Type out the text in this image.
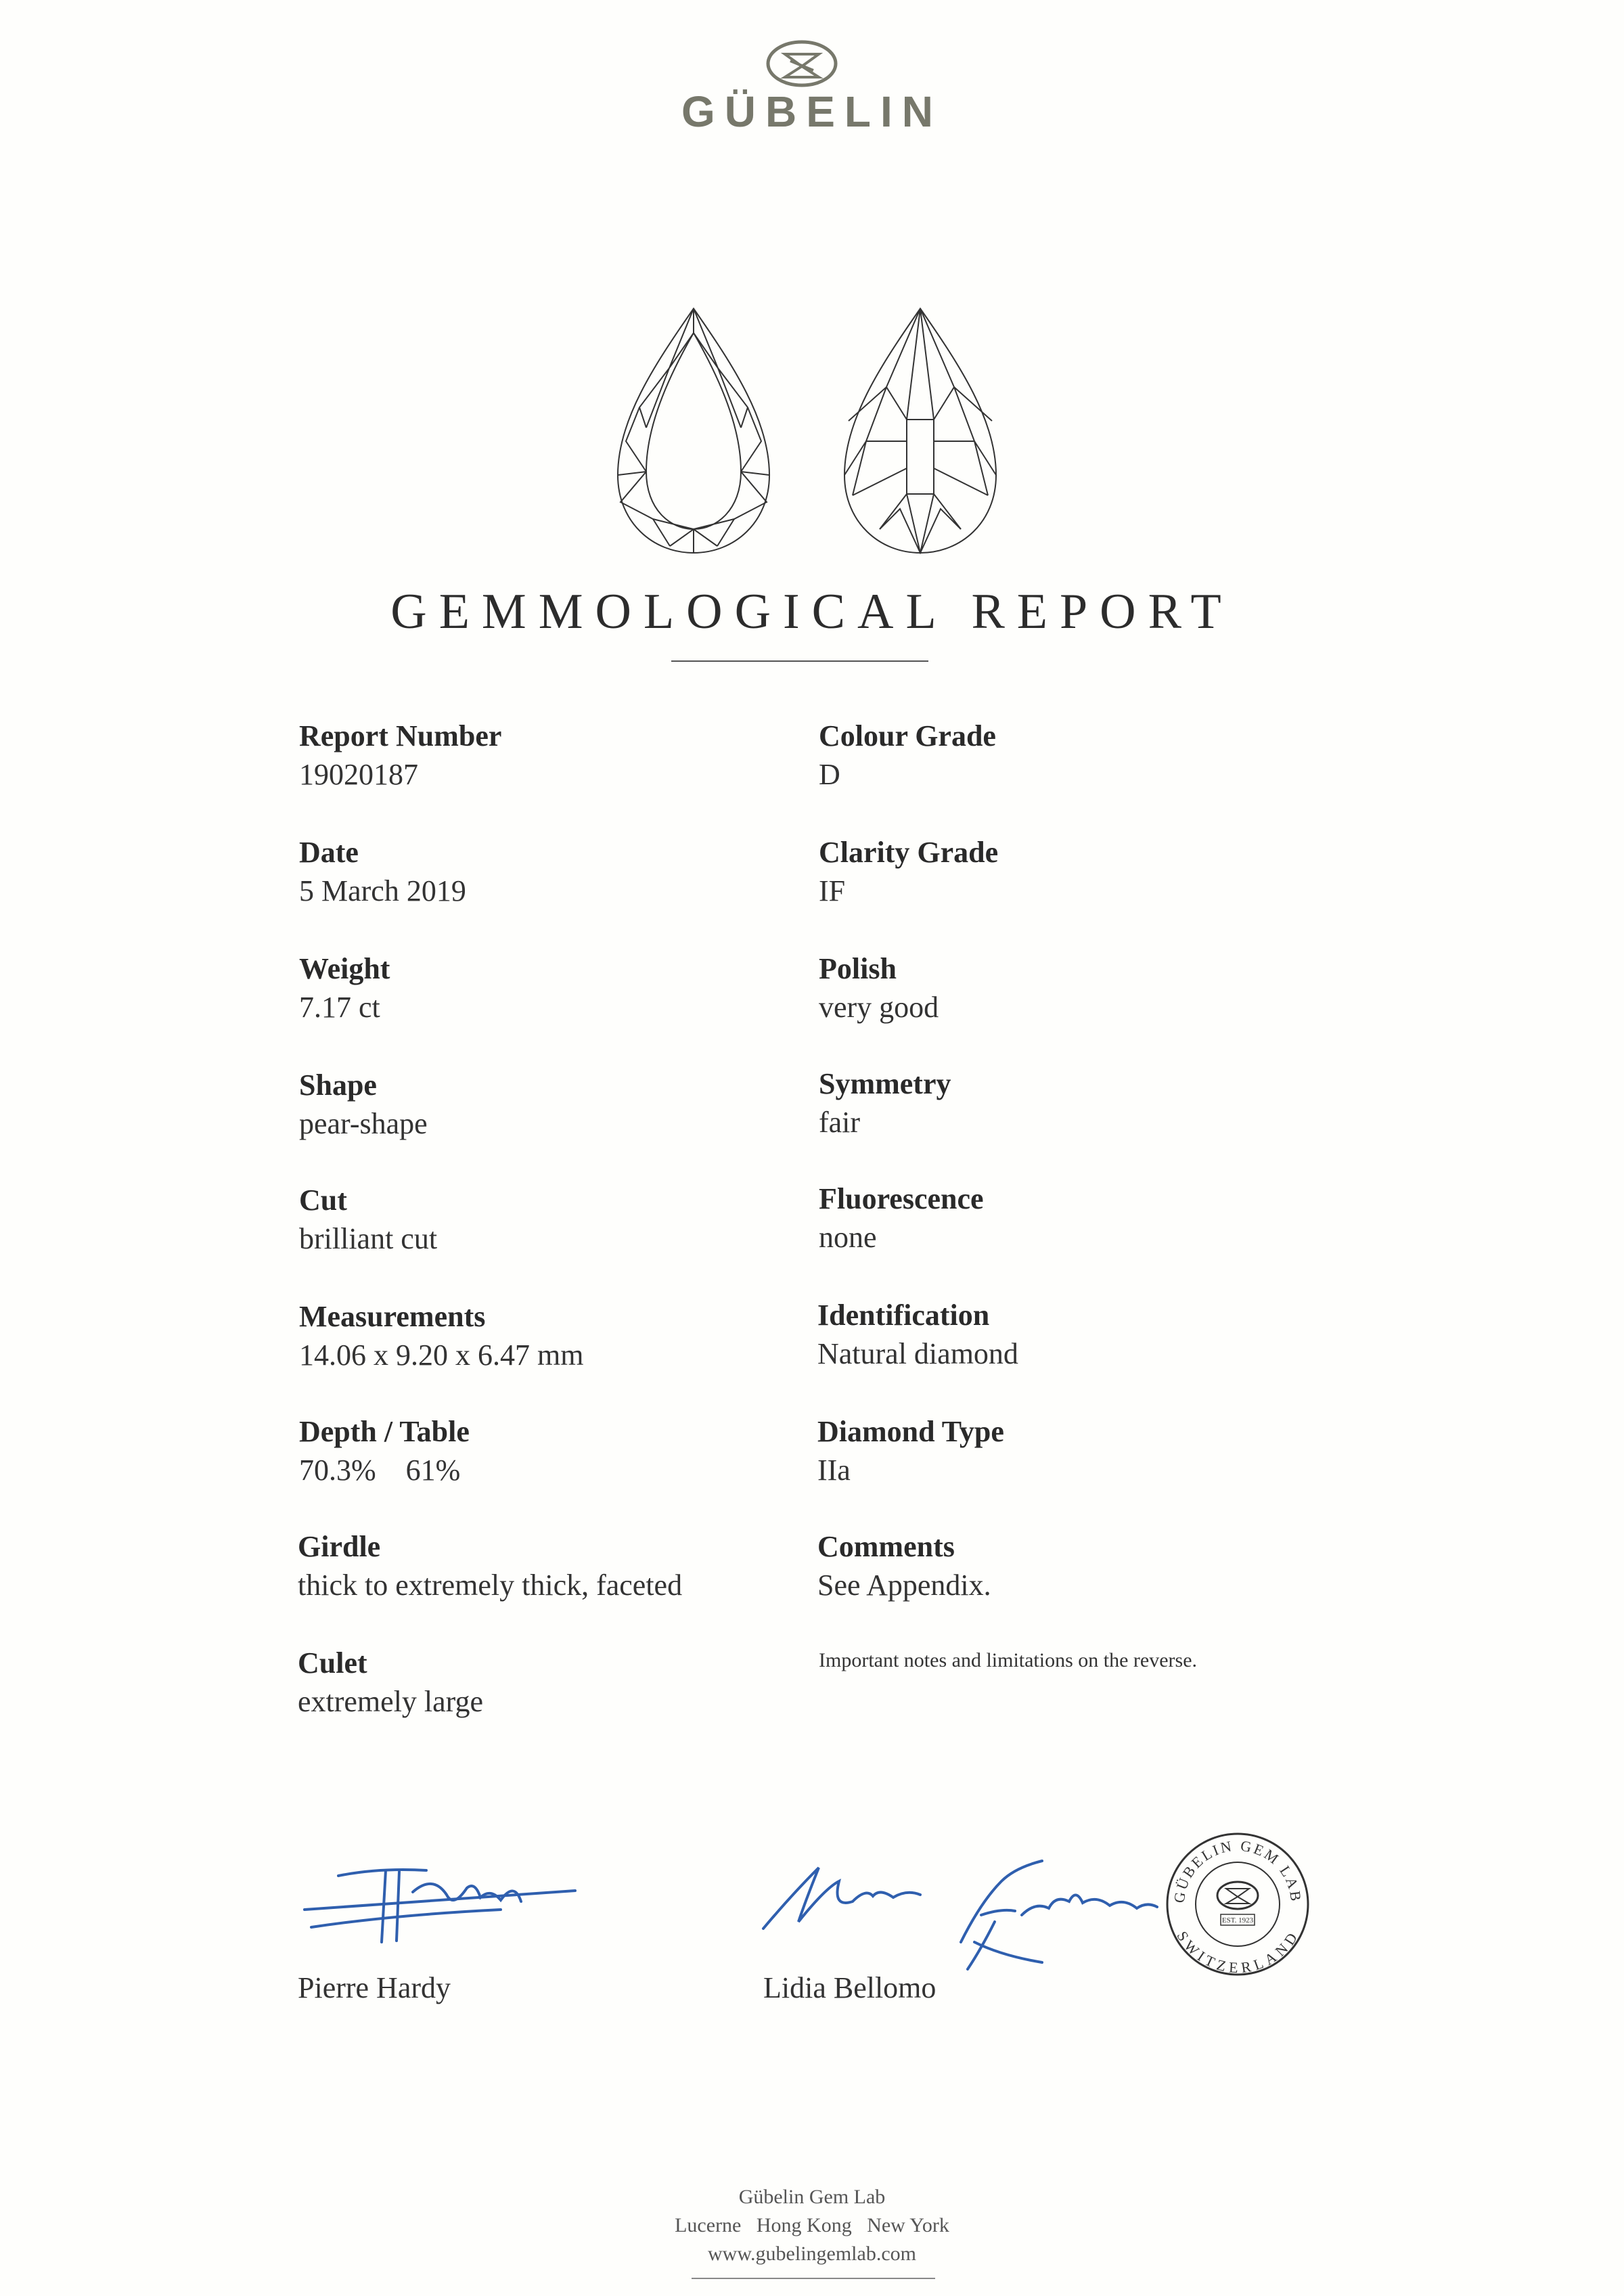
GÜBELIN
GEMMOLOGICAL REPORT
Report Number
19020187
Date
5 March 2019
Weight
7.17 ct
Shape
pear-shape
Cut
brilliant cut
Measurements
14.06 x 9.20 x 6.47 mm
Depth / Table
70.3%    61%
Girdle
thick to extremely thick, faceted
Culet
extremely large
Colour Grade
D
Clarity Grade
IF
Polish
very good
Symmetry
fair
Fluorescence
none
Identification
Natural diamond
Diamond Type
IIa
Comments
See Appendix.
Important notes and limitations on the reverse.
GÜBELIN GEM LAB
SWITZERLAND
EST. 1923
Pierre Hardy	Lidia Bellomo
Gübelin Gem Lab
Lucerne   Hong Kong   New York
www.gubelingemlab.com
